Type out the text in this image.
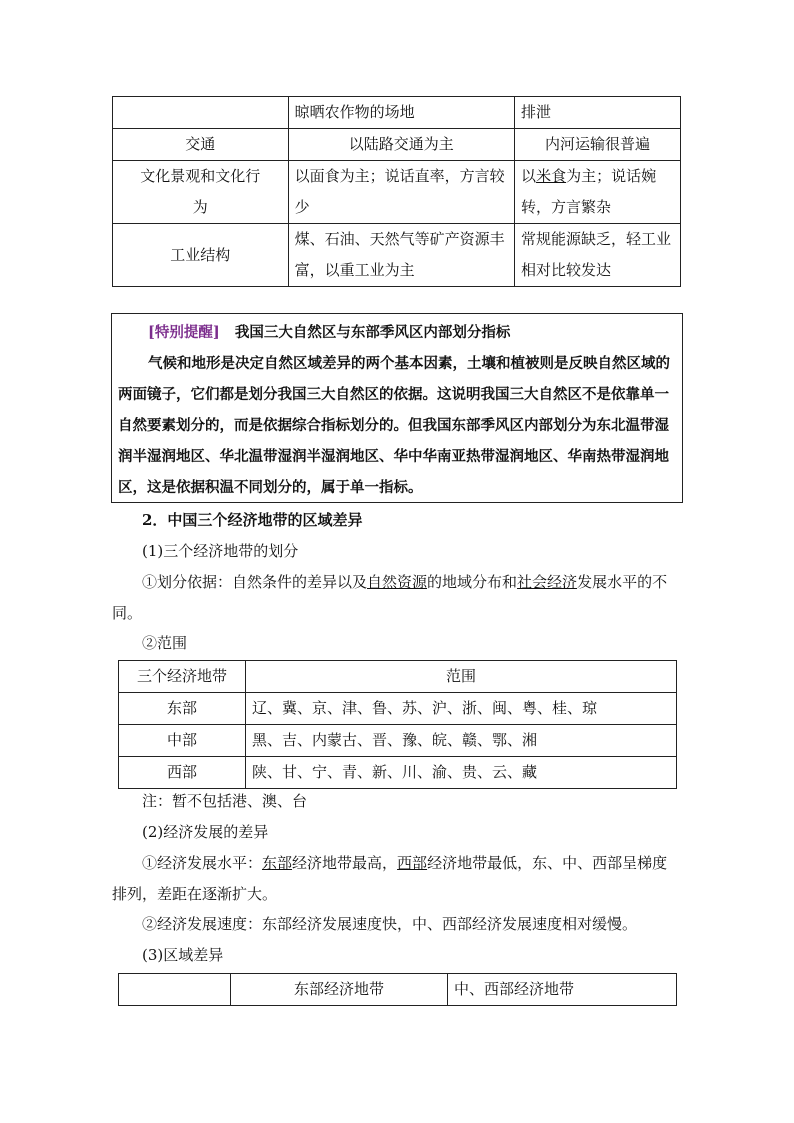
	晾晒农作物的场地	排泄
交通	以陆路交通为主	内河运输很普遍
文化景观和文化行为	以面食为主；说话直率，方言较少	以米食为主；说话婉转，方言繁杂
工业结构	煤、石油、天然气等矿产资源丰富，以重工业为主	常规能源缺乏，轻工业相对比较发达
[特别提醒] 我国三大自然区与东部季风区内部划分指标
气候和地形是决定自然区域差异的两个基本因素，土壤和植被则是反映自然区域的两面镜子，它们都是划分我国三大自然区的依据。这说明我国三大自然区不是依靠单一自然要素划分的，而是依据综合指标划分的。但我国东部季风区内部划分为东北温带湿润半湿润地区、华北温带湿润半湿润地区、华中华南亚热带湿润地区、华南热带湿润地区，这是依据积温不同划分的，属于单一指标。
2．中国三个经济地带的区域差异
(1)三个经济地带的划分
①划分依据：自然条件的差异以及自然资源的地域分布和社会经济发展水平的不同。
②范围
三个经济地带	范围
东部	辽、冀、京、津、鲁、苏、沪、浙、闽、粤、桂、琼
中部	黑、吉、内蒙古、晋、豫、皖、赣、鄂、湘
西部	陕、甘、宁、青、新、川、渝、贵、云、藏
注：暂不包括港、澳、台
(2)经济发展的差异
①经济发展水平：东部经济地带最高，西部经济地带最低，东、中、西部呈梯度排列，差距在逐渐扩大。
②经济发展速度：东部经济发展速度快，中、西部经济发展速度相对缓慢。
(3)区域差异
	东部经济地带	中、西部经济地带
